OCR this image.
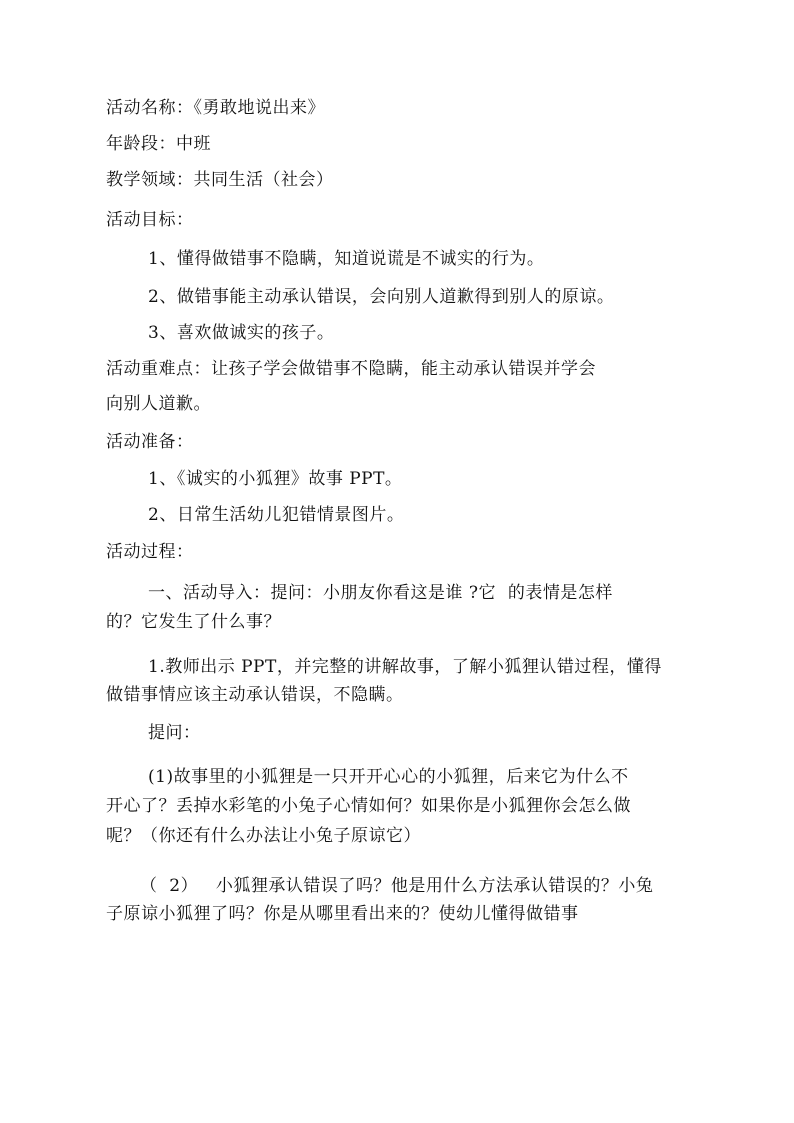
活动名称：《勇敢地说出来》
年龄段：中班
教学领域：共同生活（社会）
活动目标：
1、懂得做错事不隐瞒，知道说谎是不诚实的行为。
2、做错事能主动承认错误，会向别人道歉得到别人的原谅。
3、喜欢做诚实的孩子。
活动重难点：让孩子学会做错事不隐瞒，能主动承认错误并学会
向别人道歉。
活动准备：
1、《诚实的小狐狸》故事 PPT。
2、日常生活幼儿犯错情景图片。
活动过程：
一、活动导入：提问：小朋友你看这是谁 ?它  的表情是怎样
的？它发生了什么事？
1.教师出示 PPT，并完整的讲解故事，了解小狐狸认错过程，懂得
做错事情应该主动承认错误，不隐瞒。
提问：
(1)故事里的小狐狸是一只开开心心的小狐狸，后来它为什么不
开心了？丢掉水彩笔的小兔子心情如何？如果你是小狐狸你会怎么做
呢？（你还有什么办法让小兔子原谅它）
（  2）   小狐狸承认错误了吗？他是用什么方法承认错误的？小兔
子原谅小狐狸了吗？你是从哪里看出来的？使幼儿懂得做错事
